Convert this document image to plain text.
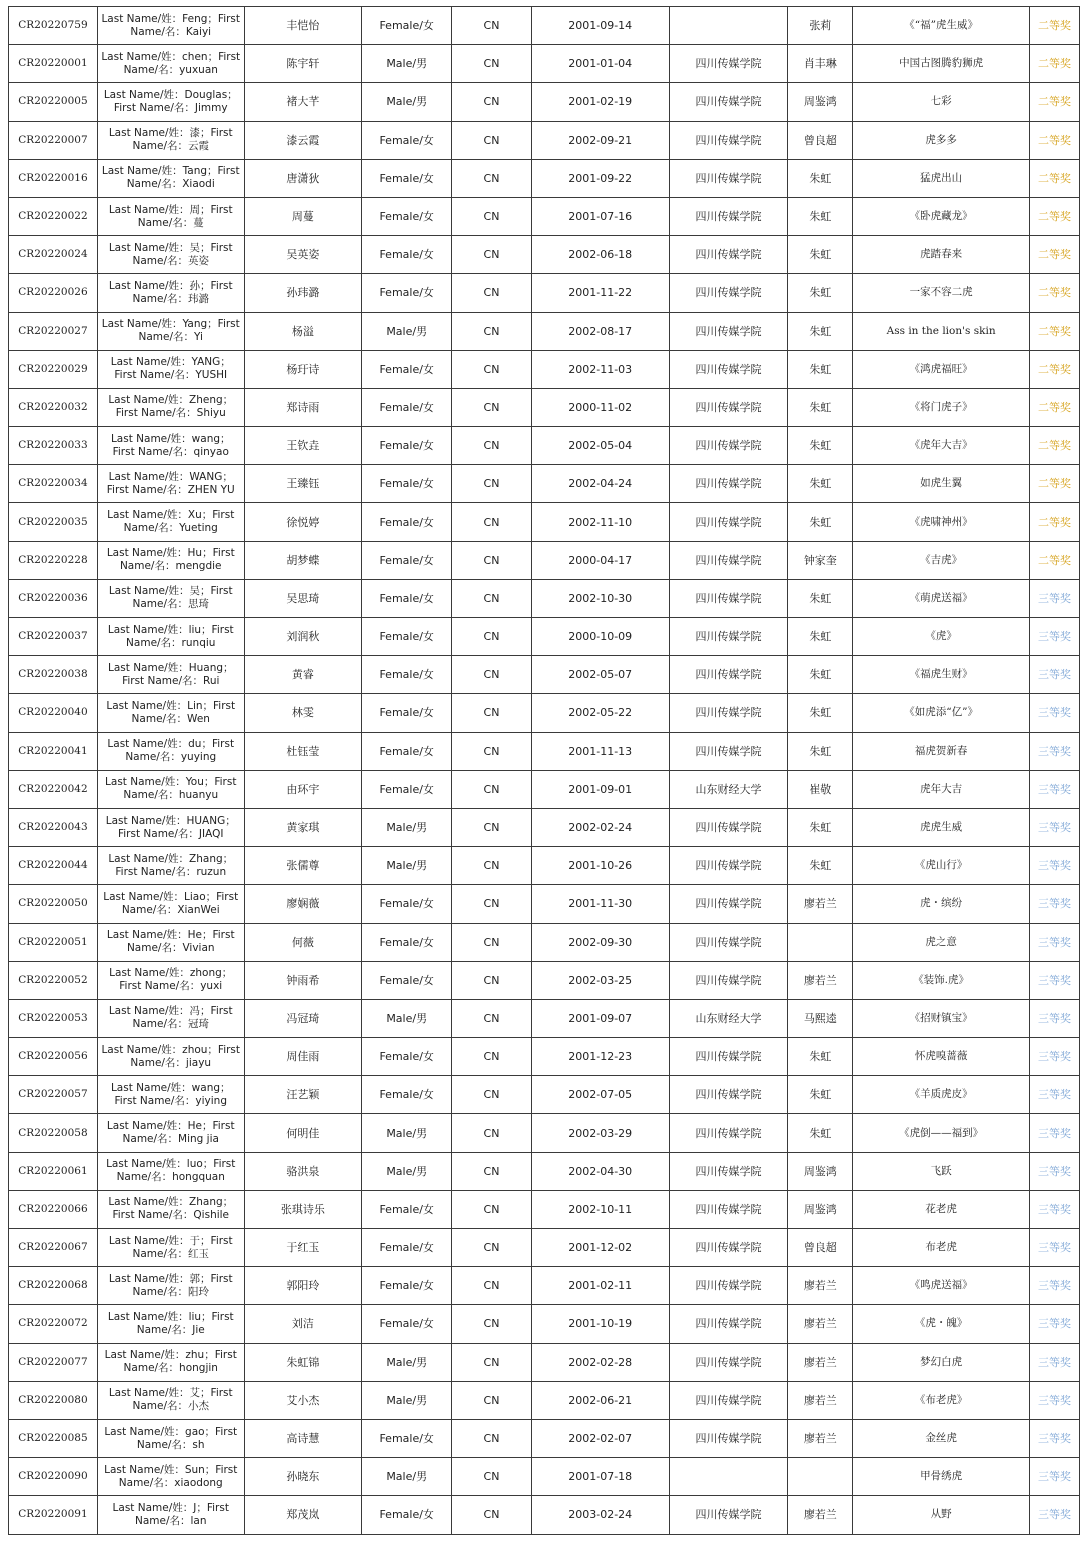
CR20220759	Last Name/姓：Feng；First Name/名：Kaiyi	丰恺怡	Female/女	CN	2001-09-14		张莉	《“福”虎生威》	二等奖
CR20220001	Last Name/姓：chen；First Name/名：yuxuan	陈宇轩	Male/男	CN	2001-01-04	四川传媒学院	肖丰琳	中国古图腾豹狮虎	二等奖
CR20220005	Last Name/姓：Douglas；First Name/名：Jimmy	褚大芊	Male/男	CN	2001-02-19	四川传媒学院	周鉴鸿	七彩	二等奖
CR20220007	Last Name/姓：漆；First Name/名：云霞	漆云霞	Female/女	CN	2002-09-21	四川传媒学院	曾良超	虎多多	二等奖
CR20220016	Last Name/姓：Tang；First Name/名：Xiaodi	唐潇狄	Female/女	CN	2001-09-22	四川传媒学院	朱虹	猛虎出山	二等奖
CR20220022	Last Name/姓：周；First Name/名：蔓	周蔓	Female/女	CN	2001-07-16	四川传媒学院	朱虹	《卧虎藏龙》	二等奖
CR20220024	Last Name/姓：吴；First Name/名：英姿	吴英姿	Female/女	CN	2002-06-18	四川传媒学院	朱虹	虎踏春来	二等奖
CR20220026	Last Name/姓：孙；First Name/名：玮潞	孙玮潞	Female/女	CN	2001-11-22	四川传媒学院	朱虹	一家不容二虎	二等奖
CR20220027	Last Name/姓：Yang；First Name/名：Yi	杨溢	Male/男	CN	2002-08-17	四川传媒学院	朱虹	Ass in the lion's skin	二等奖
CR20220029	Last Name/姓：YANG；First Name/名：YUSHI	杨玗诗	Female/女	CN	2002-11-03	四川传媒学院	朱虹	《鸿虎福旺》	二等奖
CR20220032	Last Name/姓：Zheng；First Name/名：Shiyu	郑诗雨	Female/女	CN	2000-11-02	四川传媒学院	朱虹	《将门虎子》	二等奖
CR20220033	Last Name/姓：wang；First Name/名：qinyao	王钦垚	Female/女	CN	2002-05-04	四川传媒学院	朱虹	《虎年大吉》	二等奖
CR20220034	Last Name/姓：WANG；First Name/名：ZHEN YU	王臻钰	Female/女	CN	2002-04-24	四川传媒学院	朱虹	如虎生翼	二等奖
CR20220035	Last Name/姓：Xu；First Name/名：Yueting	徐悦婷	Female/女	CN	2002-11-10	四川传媒学院	朱虹	《虎啸神州》	二等奖
CR20220228	Last Name/姓：Hu；First Name/名：mengdie	胡梦蝶	Female/女	CN	2000-04-17	四川传媒学院	钟家奎	《吉虎》	二等奖
CR20220036	Last Name/姓：吴；First Name/名：思琦	吴思琦	Female/女	CN	2002-10-30	四川传媒学院	朱虹	《萌虎送福》	三等奖
CR20220037	Last Name/姓：liu；First Name/名：runqiu	刘润秋	Female/女	CN	2000-10-09	四川传媒学院	朱虹	《虎》	三等奖
CR20220038	Last Name/姓：Huang；First Name/名：Rui	黄睿	Female/女	CN	2002-05-07	四川传媒学院	朱虹	《福虎生财》	三等奖
CR20220040	Last Name/姓：Lin；First Name/名：Wen	林雯	Female/女	CN	2002-05-22	四川传媒学院	朱虹	《如虎添“亿”》	三等奖
CR20220041	Last Name/姓：du；First Name/名：yuying	杜钰莹	Female/女	CN	2001-11-13	四川传媒学院	朱虹	福虎贺新春	三等奖
CR20220042	Last Name/姓：You；First Name/名：huanyu	由环宇	Female/女	CN	2001-09-01	山东财经大学	崔敬	虎年大吉	三等奖
CR20220043	Last Name/姓：HUANG；First Name/名：JIAQI	黄家琪	Male/男	CN	2002-02-24	四川传媒学院	朱虹	虎虎生威	三等奖
CR20220044	Last Name/姓：Zhang；First Name/名：ruzun	张儒尊	Male/男	CN	2001-10-26	四川传媒学院	朱虹	《虎山行》	三等奖
CR20220050	Last Name/姓：Liao；First Name/名：XianWei	廖娴薇	Female/女	CN	2001-11-30	四川传媒学院	廖若兰	虎・缤纷	三等奖
CR20220051	Last Name/姓：He；First Name/名：Vivian	何薇	Female/女	CN	2002-09-30	四川传媒学院		虎之意	三等奖
CR20220052	Last Name/姓：zhong；First Name/名：yuxi	钟雨希	Female/女	CN	2002-03-25	四川传媒学院	廖若兰	《装饰.虎》	三等奖
CR20220053	Last Name/姓：冯；First Name/名：冠琦	冯冠琦	Male/男	CN	2001-09-07	山东财经大学	马熙逵	《招财镇宝》	三等奖
CR20220056	Last Name/姓：zhou；First Name/名：jiayu	周佳雨	Female/女	CN	2001-12-23	四川传媒学院	朱虹	怀虎嗅蔷薇	三等奖
CR20220057	Last Name/姓：wang；First Name/名：yiying	汪艺颖	Female/女	CN	2002-07-05	四川传媒学院	朱虹	《羊质虎皮》	三等奖
CR20220058	Last Name/姓：He；First Name/名：Ming jia	何明佳	Male/男	CN	2002-03-29	四川传媒学院	朱虹	《虎倒——福到》	三等奖
CR20220061	Last Name/姓：luo；First Name/名：hongquan	骆洪泉	Male/男	CN	2002-04-30	四川传媒学院	周鉴鸿	飞跃	三等奖
CR20220066	Last Name/姓：Zhang；First Name/名：Qishile	张琪诗乐	Female/女	CN	2002-10-11	四川传媒学院	周鉴鸿	花老虎	三等奖
CR20220067	Last Name/姓：于；First Name/名：红玉	于红玉	Female/女	CN	2001-12-02	四川传媒学院	曾良超	布老虎	三等奖
CR20220068	Last Name/姓：郭；First Name/名：阳玲	郭阳玲	Female/女	CN	2001-02-11	四川传媒学院	廖若兰	《鸣虎送福》	三等奖
CR20220072	Last Name/姓：liu；First Name/名：Jie	刘洁	Female/女	CN	2001-10-19	四川传媒学院	廖若兰	《虎・魄》	三等奖
CR20220077	Last Name/姓：zhu；First Name/名：hongjin	朱虹锦	Male/男	CN	2002-02-28	四川传媒学院	廖若兰	梦幻白虎	三等奖
CR20220080	Last Name/姓：艾；First Name/名：小杰	艾小杰	Male/男	CN	2002-06-21	四川传媒学院	廖若兰	《布老虎》	三等奖
CR20220085	Last Name/姓：gao；First Name/名：sh	高诗慧	Female/女	CN	2002-02-07	四川传媒学院	廖若兰	金丝虎	三等奖
CR20220090	Last Name/姓：Sun；First Name/名：xiaodong	孙晓东	Male/男	CN	2001-07-18			甲骨绣虎	三等奖
CR20220091	Last Name/姓：J；First Name/名：lan	郑茂岚	Female/女	CN	2003-02-24	四川传媒学院	廖若兰	从野	三等奖
